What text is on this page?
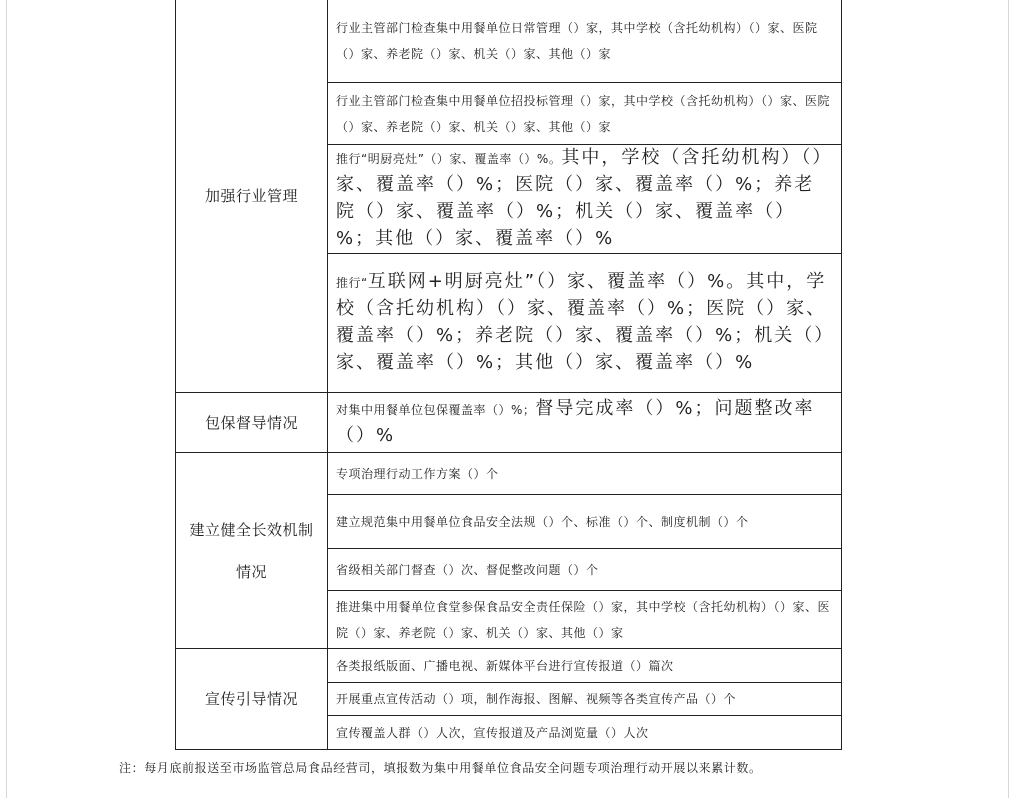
加强行业管理	行业主管部门检查集中用餐单位日常管理（）家，其中学校（含托幼机构）（）家、医院（）家、养老院（）家、机关（）家、其他（）家
	行业主管部门检查集中用餐单位招投标管理（）家，其中学校（含托幼机构）（）家、医院（）家、养老院（）家、机关（）家、其他（）家
	推行“明厨亮灶”（）家、覆盖率（）%。其中，学校（含托幼机构）（）家、覆盖率（）%；医院（）家、覆盖率（）%；养老院（）家、覆盖率（）%；机关（）家、覆盖率（）%；其他（）家、覆盖率（）%
	推行“互联网+明厨亮灶”（）家、覆盖率（）%。其中，学校（含托幼机构）（）家、覆盖率（）%；医院（）家、覆盖率（）%；养老院（）家、覆盖率（）%；机关（）家、覆盖率（）%；其他（）家、覆盖率（）%
包保督导情况	对集中用餐单位包保覆盖率（）%；督导完成率（）%；问题整改率（）%
建立健全长效机制
情况	专项治理行动工作方案（）个
	建立规范集中用餐单位食品安全法规（）个、标准（）个、制度机制（）个
	省级相关部门督查（）次、督促整改问题（）个
	推进集中用餐单位食堂参保食品安全责任保险（）家，其中学校（含托幼机构）（）家、医院（）家、养老院（）家、机关（）家、其他（）家
宣传引导情况	各类报纸版面、广播电视、新媒体平台进行宣传报道（）篇次
	开展重点宣传活动（）项，制作海报、图解、视频等各类宣传产品（）个
	宣传覆盖人群（）人次，宣传报道及产品浏览量（）人次
注：每月底前报送至市场监管总局食品经营司，填报数为集中用餐单位食品安全问题专项治理行动开展以来累计数。
